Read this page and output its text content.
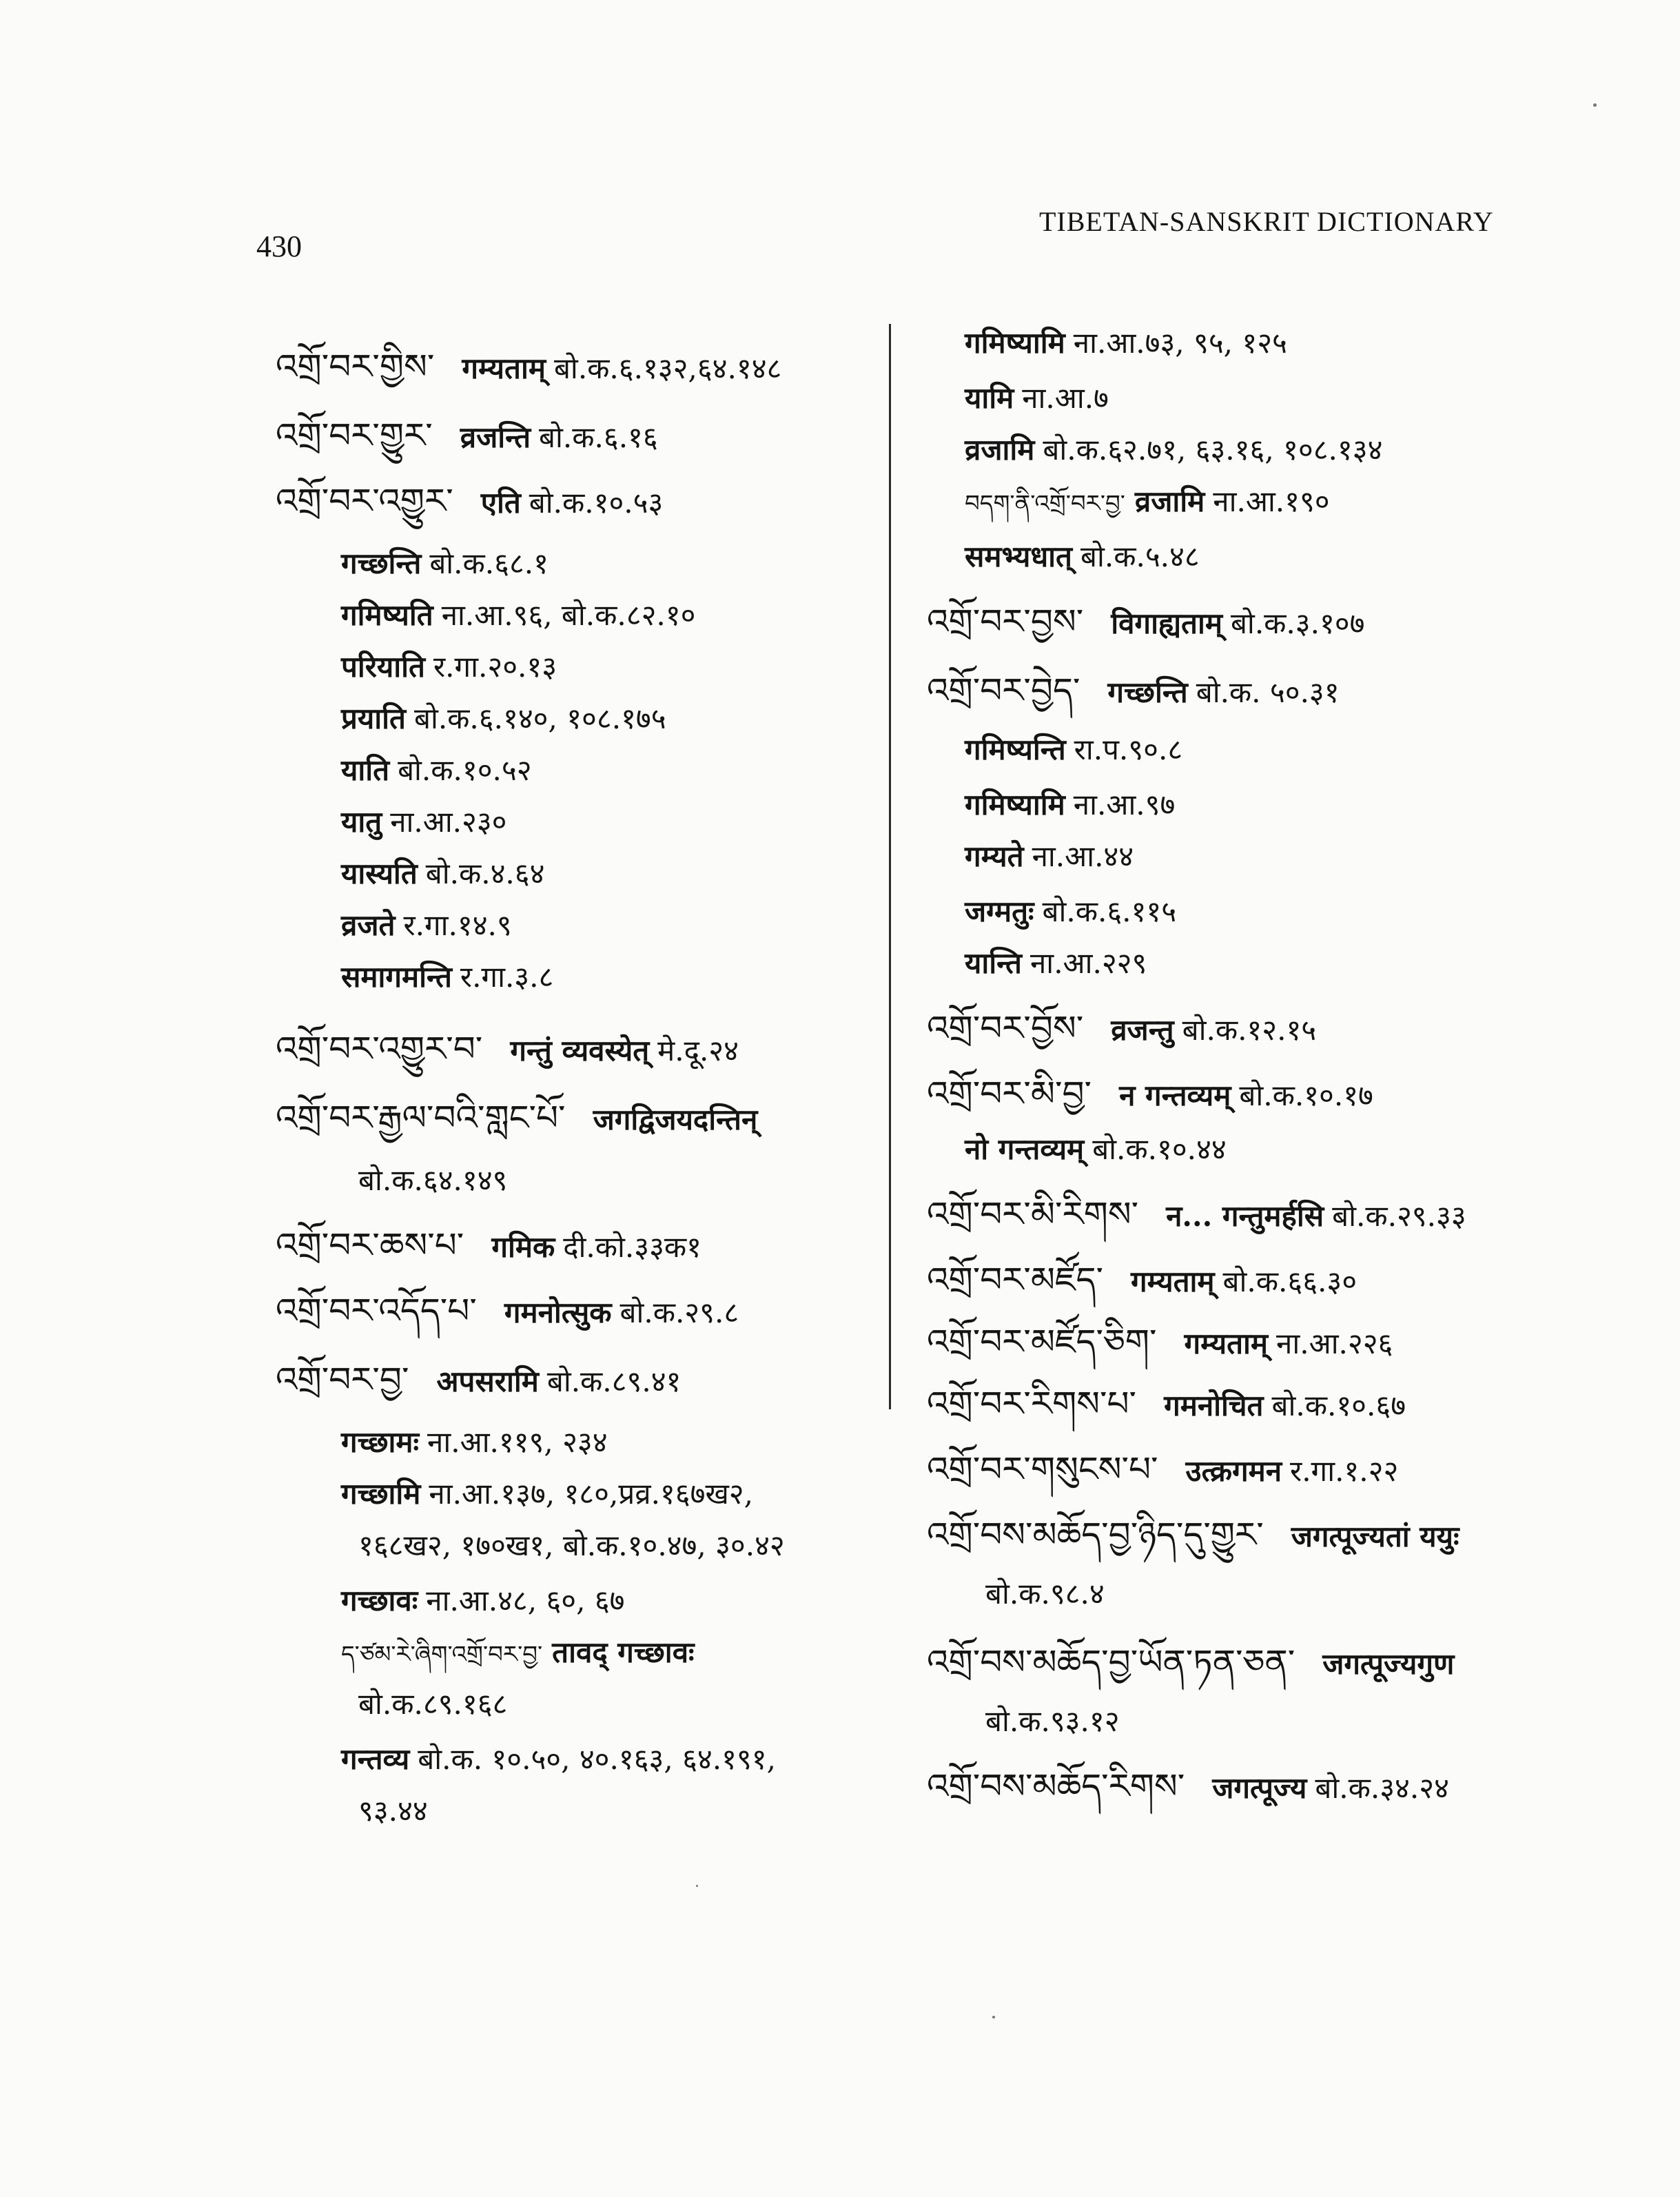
430
TIBETAN-SANSKRIT DICTIONARY
འགྲོ་བར་གྱིས་ गम्यताम् बो.क.६.१३२,६४.१४८
འགྲོ་བར་གྱུར་ व्रजन्ति बो.क.६.१६
འགྲོ་བར་འགྱུར་ एति बो.क.१०.५३
गच्छन्ति बो.क.६८.१
गमिष्यति ना.आ.९६, बो.क.८२.१०
परियाति र.गा.२०.१३
प्रयाति बो.क.६.१४०, १०८.१७५
याति बो.क.१०.५२
यातु ना.आ.२३०
यास्यति बो.क.४.६४
व्रजते र.गा.१४.९
समागमन्ति र.गा.३.८
འགྲོ་བར་འགྱུར་བ་ गन्तुं व्यवस्येत् मे.दू.२४
འགྲོ་བར་རྒྱལ་བའི་གླང་པོ་ जगद्विजयदन्तिन्
बो.क.६४.१४९
འགྲོ་བར་ཆས་པ་ गमिक दी.को.३३क१
འགྲོ་བར་འདོད་པ་ गमनोत्सुक बो.क.२९.८
འགྲོ་བར་བྱ་ अपसरामि बो.क.८९.४१
गच्छामः ना.आ.११९, २३४
गच्छामि ना.आ.१३७, १८०,प्रव्र.१६७ख२,
१६८ख२, १७०ख१, बो.क.१०.४७, ३०.४२
गच्छावः ना.आ.४८, ६०, ६७
ད་ཙམ་རེ་ཞིག་འགྲོ་བར་བྱ་ तावद् गच्छावः
बो.क.८९.१६८
गन्तव्य बो.क. १०.५०, ४०.१६३, ६४.१९१,
९३.४४
गमिष्यामि ना.आ.७३, ९५, १२५
यामि ना.आ.७
व्रजामि बो.क.६२.७१, ६३.१६, १०८.१३४
བདག་ནི་འགྲོ་བར་བྱ་ व्रजामि ना.आ.१९०
समभ्यधात् बो.क.५.४८
འགྲོ་བར་བྱས་ विगाह्यताम् बो.क.३.१०७
འགྲོ་བར་བྱེད་ गच्छन्ति बो.क. ५०.३१
गमिष्यन्ति रा.प.९०.८
गमिष्यामि ना.आ.९७
गम्यते ना.आ.४४
जग्मतुः बो.क.६.११५
यान्ति ना.आ.२२९
འགྲོ་བར་བྱོས་ व्रजन्तु बो.क.१२.१५
འགྲོ་བར་མི་བྱ་ न गन्तव्यम् बो.क.१०.१७
नो गन्तव्यम् बो.क.१०.४४
འགྲོ་བར་མི་རིགས་ न... गन्तुमर्हसि बो.क.२९.३३
འགྲོ་བར་མཛོད་ गम्यताम् बो.क.६६.३०
འགྲོ་བར་མཛོད་ཅིག་ गम्यताम् ना.आ.२२६
འགྲོ་བར་རིགས་པ་ गमनोचित बो.क.१०.६७
འགྲོ་བར་གསུངས་པ་ उत्क्रगमन र.गा.१.२२
འགྲོ་བས་མཆོད་བྱ་ཉིད་དུ་གྱུར་ जगत्पूज्यतां ययुः
बो.क.९८.४
འགྲོ་བས་མཆོད་བྱ་ཡོན་ཏན་ཅན་ जगत्पूज्यगुण
बो.क.९३.१२
འགྲོ་བས་མཆོད་རིགས་ जगत्पूज्य बो.क.३४.२४
